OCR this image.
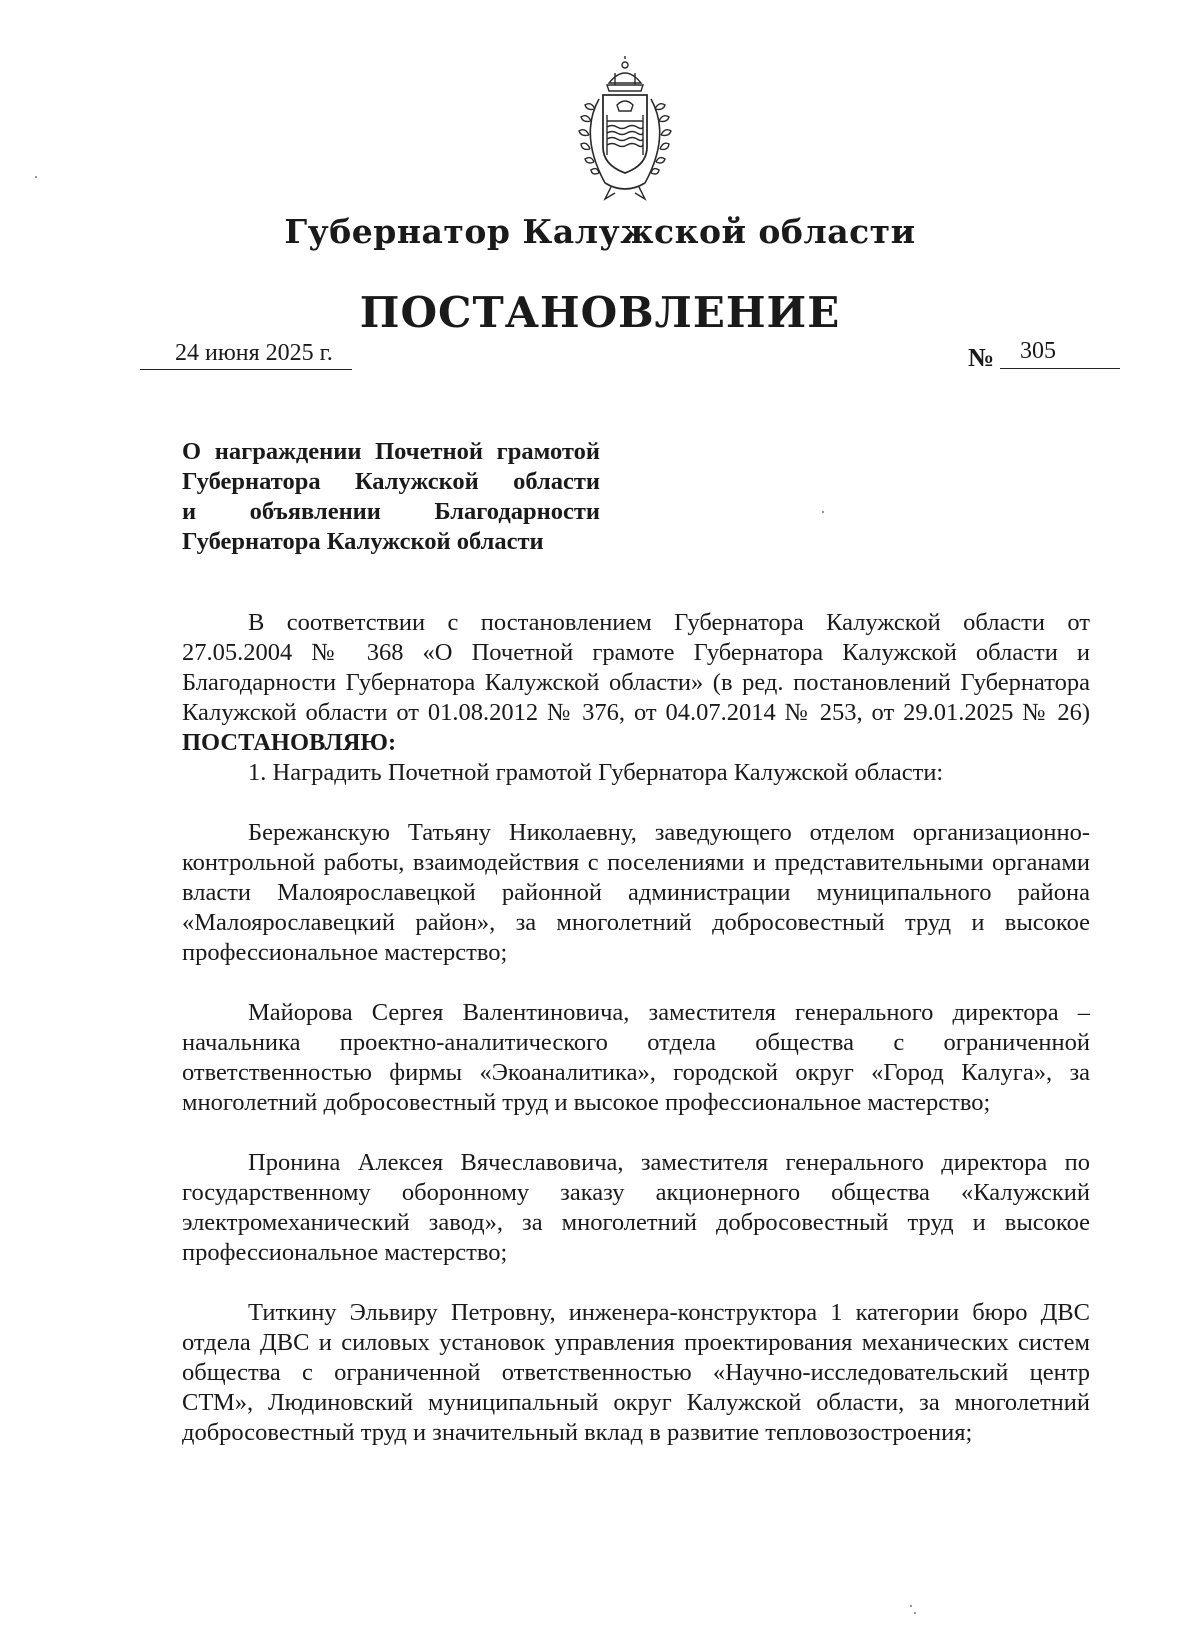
Губернатор Калужской области
ПОСТАНОВЛЕНИЕ
24 июня 2025 г.	№ 305
О награждении Почетной грамотой
Губернатора Калужской области
и объявлении Благодарности
Губернатора Калужской области

В соответствии с постановлением Губернатора Калужской области от 27.05.2004 № 368 «О Почетной грамоте Губернатора Калужской области и Благодарности Губернатора Калужской области» (в ред. постановлений Губернатора Калужской области от 01.08.2012 № 376, от 04.07.2014 № 253, от 29.01.2025 № 26) ПОСТАНОВЛЯЮ:

1. Наградить Почетной грамотой Губернатора Калужской области:

Бережанскую Татьяну Николаевну, заведующего отделом организационно-контрольной работы, взаимодействия с поселениями и представительными органами власти Малоярославецкой районной администрации муниципального района «Малоярославецкий район», за многолетний добросовестный труд и высокое профессиональное мастерство;

Майорова Сергея Валентиновича, заместителя генерального директора – начальника проектно-аналитического отдела общества с ограниченной ответственностью фирмы «Экоаналитика», городской округ «Город Калуга», за многолетний добросовестный труд и высокое профессиональное мастерство;

Пронина Алексея Вячеславовича, заместителя генерального директора по государственному оборонному заказу акционерного общества «Калужский электромеханический завод», за многолетний добросовестный труд и высокое профессиональное мастерство;

Титкину Эльвиру Петровну, инженера-конструктора 1 категории бюро ДВС отдела ДВС и силовых установок управления проектирования механических систем общества с ограниченной ответственностью «Научно-исследовательский центр СТМ», Людиновский муниципальный округ Калужской области, за многолетний добросовестный труд и значительный вклад в развитие тепловозостроения;
